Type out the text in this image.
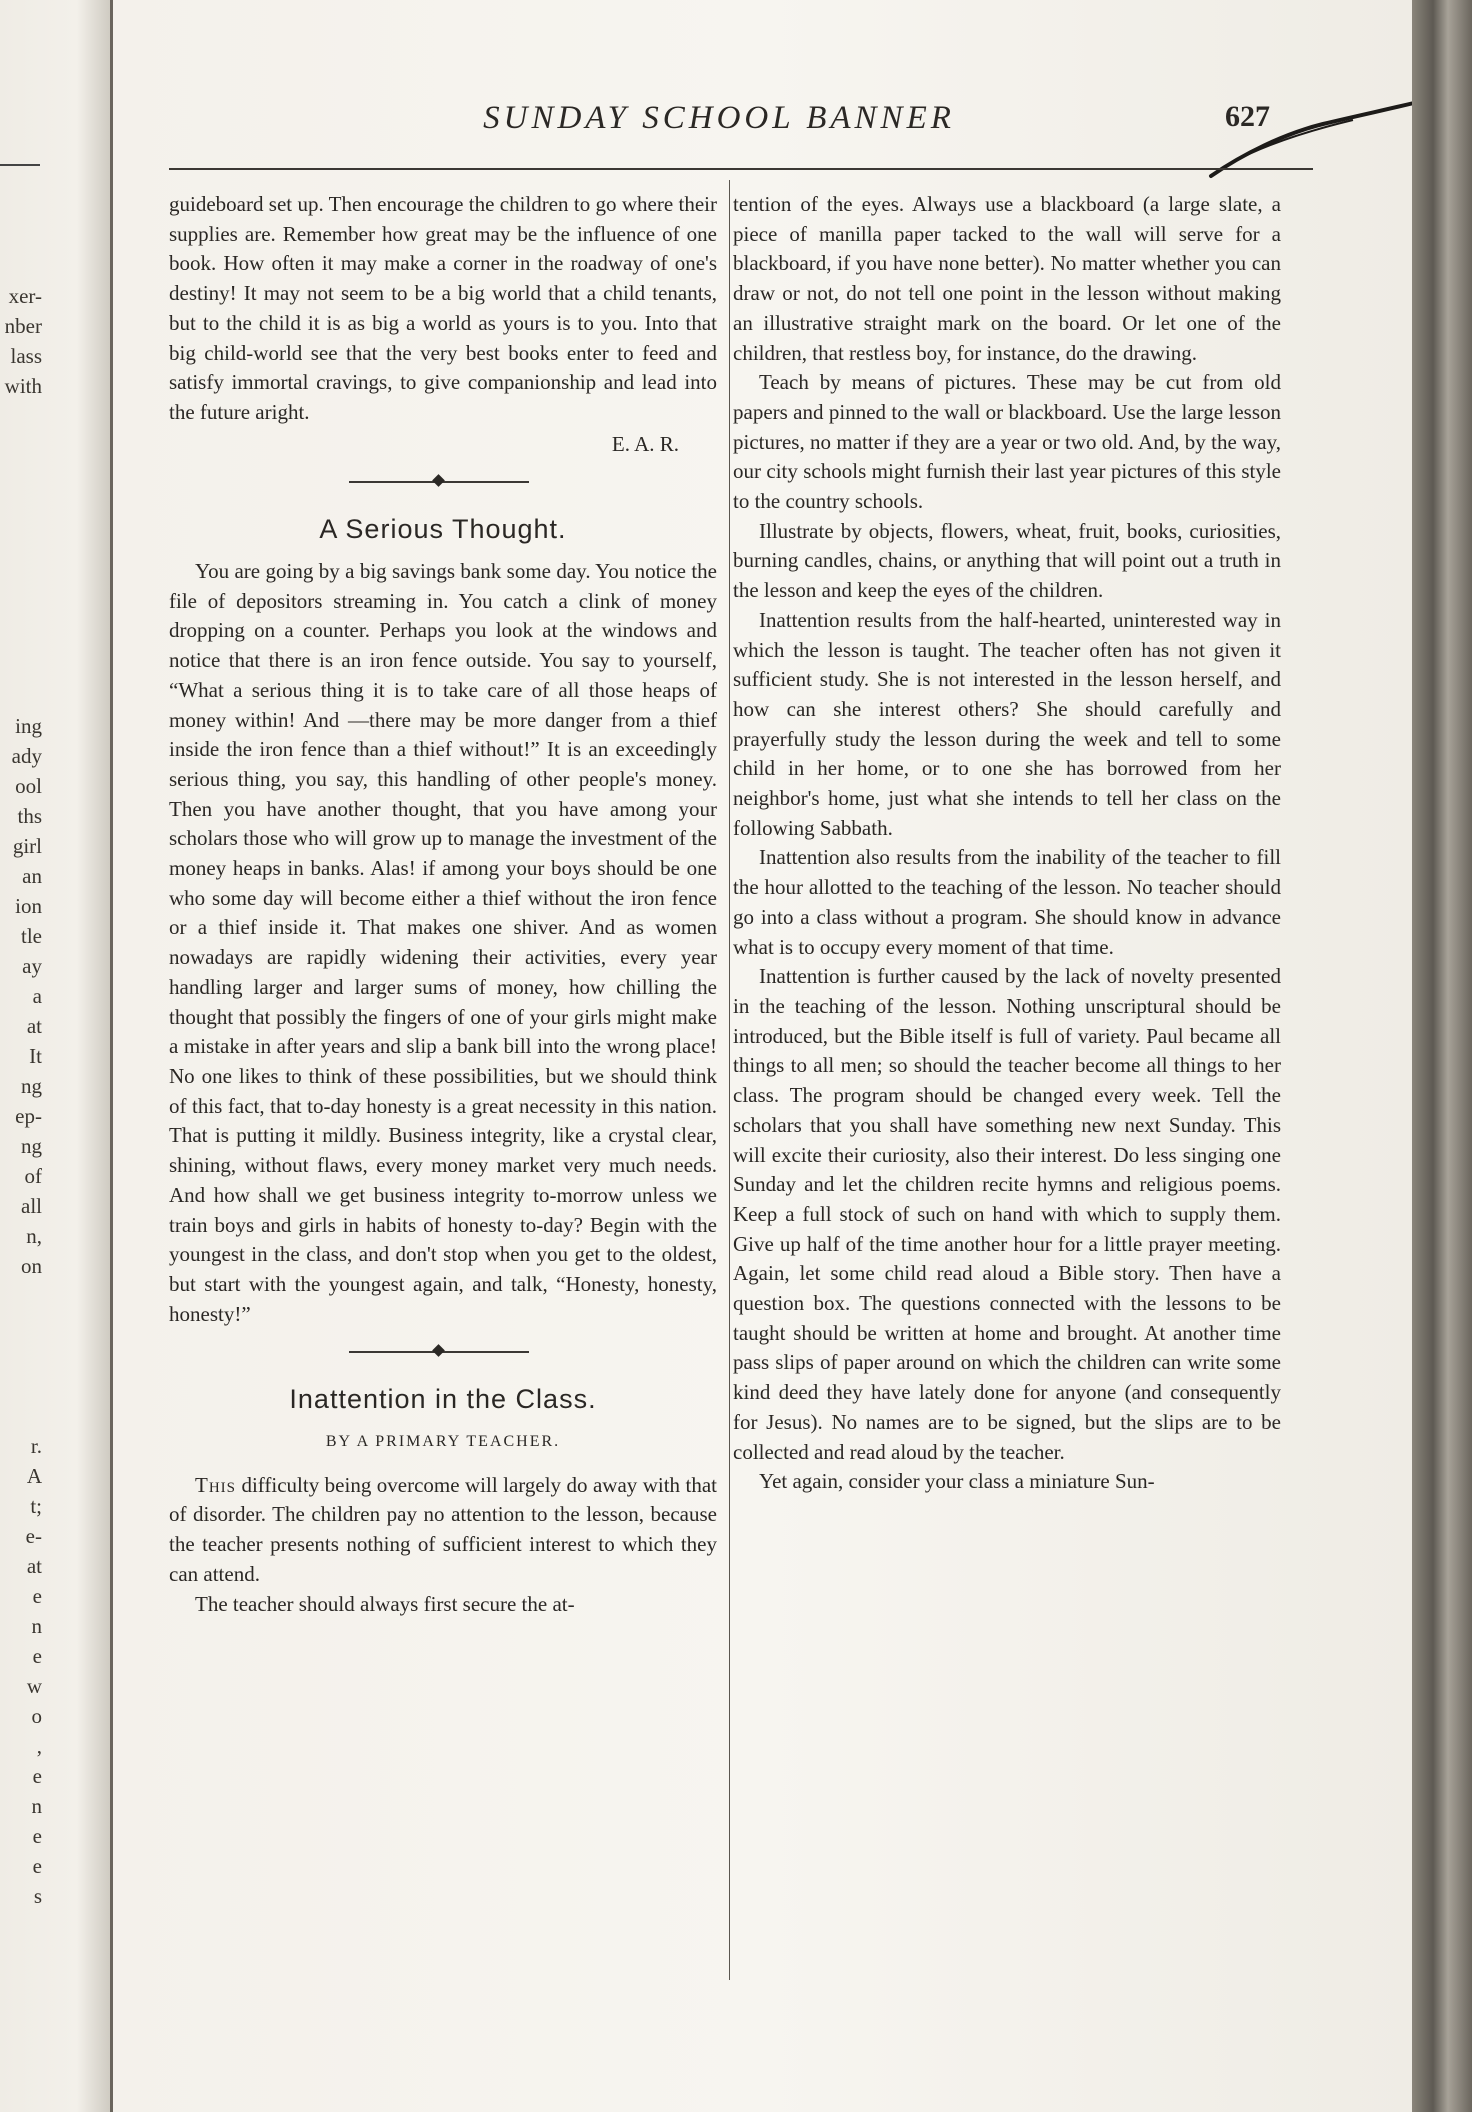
xer-
nber
lass
with
ing
ady
ool
ths
girl
an
ion
tle
ay
a
at
It
ng
ep-
ng
of
all
n,
on
r.
A
t;
e-
at
e
n
e
w
o
,
e
n
e
e
s
SUNDAY SCHOOL BANNER	627

guideboard set up. Then encourage the children to go where their supplies are. Remember how great may be the influence of one book. How often it may make a corner in the roadway of one's destiny! It may not seem to be a big world that a child tenants, but to the child it is as big a world as yours is to you. Into that big child-world see that the very best books enter to feed and satisfy immortal cravings, to give companionship and lead into the future aright.

E. A. R.
A Serious Thought.

You are going by a big savings bank some day. You notice the file of depositors streaming in. You catch a clink of money dropping on a counter. Perhaps you look at the windows and notice that there is an iron fence outside. You say to yourself, “What a serious thing it is to take care of all those heaps of money within! And —there may be more danger from a thief inside the iron fence than a thief without!” It is an exceedingly serious thing, you say, this handling of other people's money. Then you have another thought, that you have among your scholars those who will grow up to manage the investment of the money heaps in banks. Alas! if among your boys should be one who some day will become either a thief without the iron fence or a thief inside it. That makes one shiver. And as women nowadays are rapidly widening their activities, every year handling larger and larger sums of money, how chilling the thought that possibly the fingers of one of your girls might make a mistake in after years and slip a bank bill into the wrong place! No one likes to think of these possibilities, but we should think of this fact, that to-day honesty is a great necessity in this nation. That is putting it mildly. Business integrity, like a crystal clear, shining, without flaws, every money market very much needs. And how shall we get business integrity to-morrow unless we train boys and girls in habits of honesty to-day? Begin with the youngest in the class, and don't stop when you get to the oldest, but start with the youngest again, and talk, “Honesty, honesty, honesty!”

Inattention in the Class.
BY A PRIMARY TEACHER.

This difficulty being overcome will largely do away with that of disorder. The children pay no attention to the lesson, because the teacher presents nothing of sufficient interest to which they can attend.

The teacher should always first secure the at-

tention of the eyes. Always use a blackboard (a large slate, a piece of manilla paper tacked to the wall will serve for a blackboard, if you have none better). No matter whether you can draw or not, do not tell one point in the lesson without making an illustrative straight mark on the board. Or let one of the children, that restless boy, for instance, do the drawing.

Teach by means of pictures. These may be cut from old papers and pinned to the wall or blackboard. Use the large lesson pictures, no matter if they are a year or two old. And, by the way, our city schools might furnish their last year pictures of this style to the country schools.

Illustrate by objects, flowers, wheat, fruit, books, curiosities, burning candles, chains, or anything that will point out a truth in the lesson and keep the eyes of the children.

Inattention results from the half-hearted, uninterested way in which the lesson is taught. The teacher often has not given it sufficient study. She is not interested in the lesson herself, and how can she interest others? She should carefully and prayerfully study the lesson during the week and tell to some child in her home, or to one she has borrowed from her neighbor's home, just what she intends to tell her class on the following Sabbath.

Inattention also results from the inability of the teacher to fill the hour allotted to the teaching of the lesson. No teacher should go into a class without a program. She should know in advance what is to occupy every moment of that time.

Inattention is further caused by the lack of novelty presented in the teaching of the lesson. Nothing unscriptural should be introduced, but the Bible itself is full of variety. Paul became all things to all men; so should the teacher become all things to her class. The program should be changed every week. Tell the scholars that you shall have something new next Sunday. This will excite their curiosity, also their interest. Do less singing one Sunday and let the children recite hymns and religious poems. Keep a full stock of such on hand with which to supply them. Give up half of the time another hour for a little prayer meeting. Again, let some child read aloud a Bible story. Then have a question box. The questions connected with the lessons to be taught should be written at home and brought. At another time pass slips of paper around on which the children can write some kind deed they have lately done for anyone (and consequently for Jesus). No names are to be signed, but the slips are to be collected and read aloud by the teacher.

Yet again, consider your class a miniature Sun-
